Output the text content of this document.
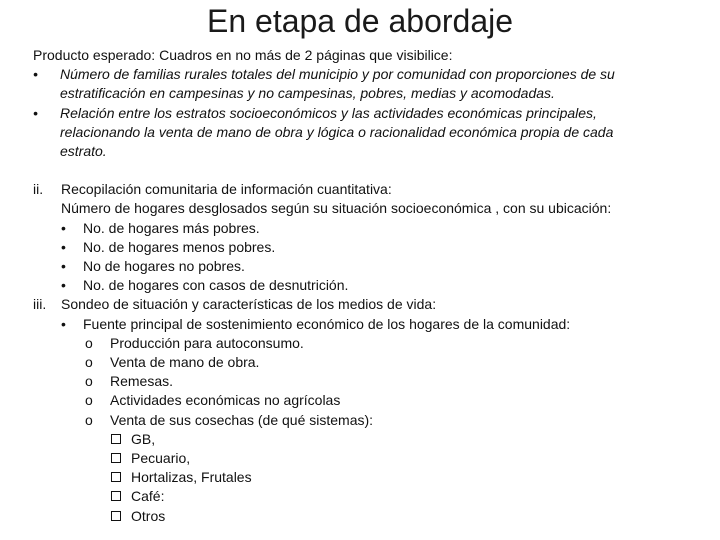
En etapa de abordaje
Producto esperado: Cuadros en no más de 2 páginas que visibilice:
• Número de familias rurales totales del municipio y por comunidad con proporciones de su
estratificación en campesinas y no campesinas, pobres, medias y acomodadas.
• Relación entre los estratos socioeconómicos y las actividades económicas principales,
relacionando la venta de mano de obra y lógica o racionalidad económica propia de cada
estrato.
ii. Recopilación comunitaria de información cuantitativa:
Número de hogares desglosados según su situación socioeconómica , con su ubicación:
• No. de hogares más pobres.
• No. de hogares menos pobres.
• No de hogares no pobres.
• No. de hogares con casos de desnutrición.
iii. Sondeo de situación y características de los medios de vida:
• Fuente principal de sostenimiento económico de los hogares de la comunidad:
o Producción para autoconsumo.
o Venta de mano de obra.
o Remesas.
o Actividades económicas no agrícolas
o Venta de sus cosechas (de qué sistemas):
GB,
Pecuario,
Hortalizas, Frutales
Café:
Otros
